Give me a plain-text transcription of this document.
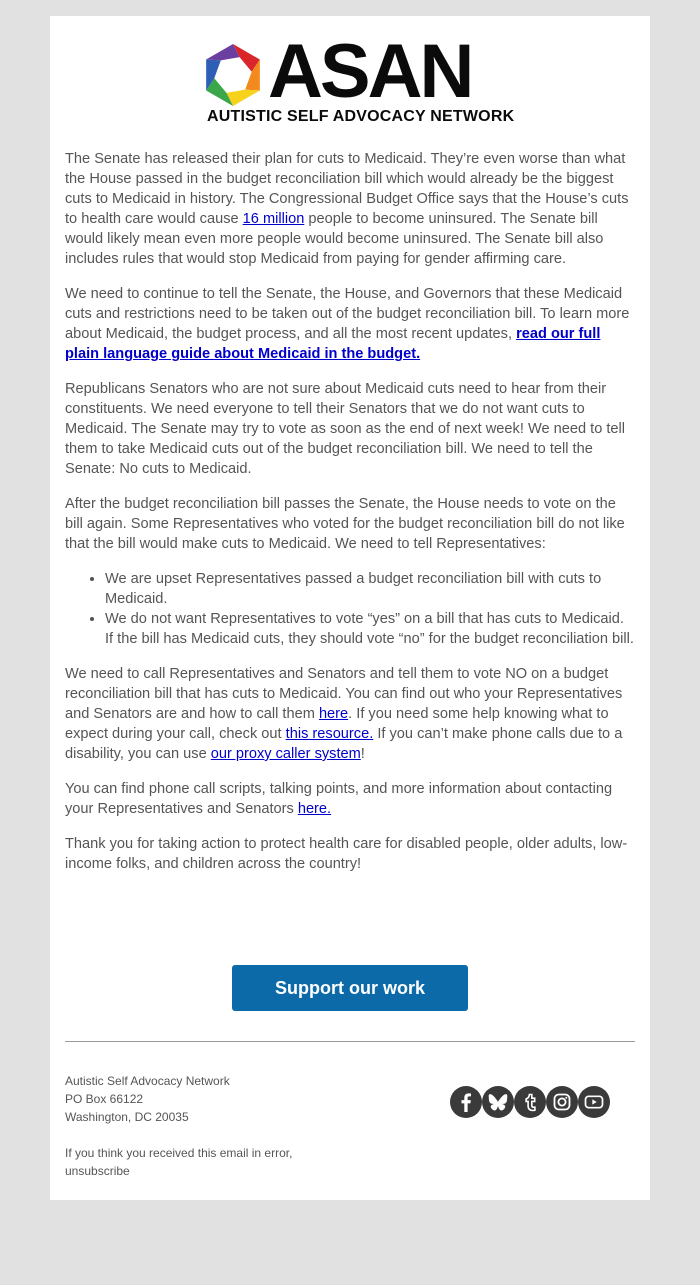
ASAN
AUTISTIC SELF ADVOCACY NETWORK

The Senate has released their plan for cuts to Medicaid. They’re even worse than what the House passed in the budget reconciliation bill which would already be the biggest cuts to Medicaid in history. The Congressional Budget Office says that the House’s cuts to health care would cause 16 million people to become uninsured. The Senate bill would likely mean even more people would become uninsured. The Senate bill also includes rules that would stop Medicaid from paying for gender affirming care.

We need to continue to tell the Senate, the House, and Governors that these Medicaid cuts and restrictions need to be taken out of the budget reconciliation bill. To learn more about Medicaid, the budget process, and all the most recent updates, read our full plain language guide about Medicaid in the budget.

Republicans Senators who are not sure about Medicaid cuts need to hear from their constituents. We need everyone to tell their Senators that we do not want cuts to Medicaid. The Senate may try to vote as soon as the end of next week! We need to tell them to take Medicaid cuts out of the budget reconciliation bill. We need to tell the Senate: No cuts to Medicaid.

After the budget reconciliation bill passes the Senate, the House needs to vote on the bill again. Some Representatives who voted for the budget reconciliation bill do not like that the bill would make cuts to Medicaid. We need to tell Representatives:

• We are upset Representatives passed a budget reconciliation bill with cuts to Medicaid.
• We do not want Representatives to vote “yes” on a bill that has cuts to Medicaid. If the bill has Medicaid cuts, they should vote “no” for the budget reconciliation bill.

We need to call Representatives and Senators and tell them to vote NO on a budget reconciliation bill that has cuts to Medicaid. You can find out who your Representatives and Senators are and how to call them here. If you need some help knowing what to expect during your call, check out this resource. If you can’t make phone calls due to a disability, you can use our proxy caller system!

You can find phone call scripts, talking points, and more information about contacting your Representatives and Senators here.

Thank you for taking action to protect health care for disabled people, older adults, low-income folks, and children across the country!

Support our work
Autistic Self Advocacy Network
PO Box 66122
Washington, DC 20035
If you think you received this email in error,
unsubscribe
